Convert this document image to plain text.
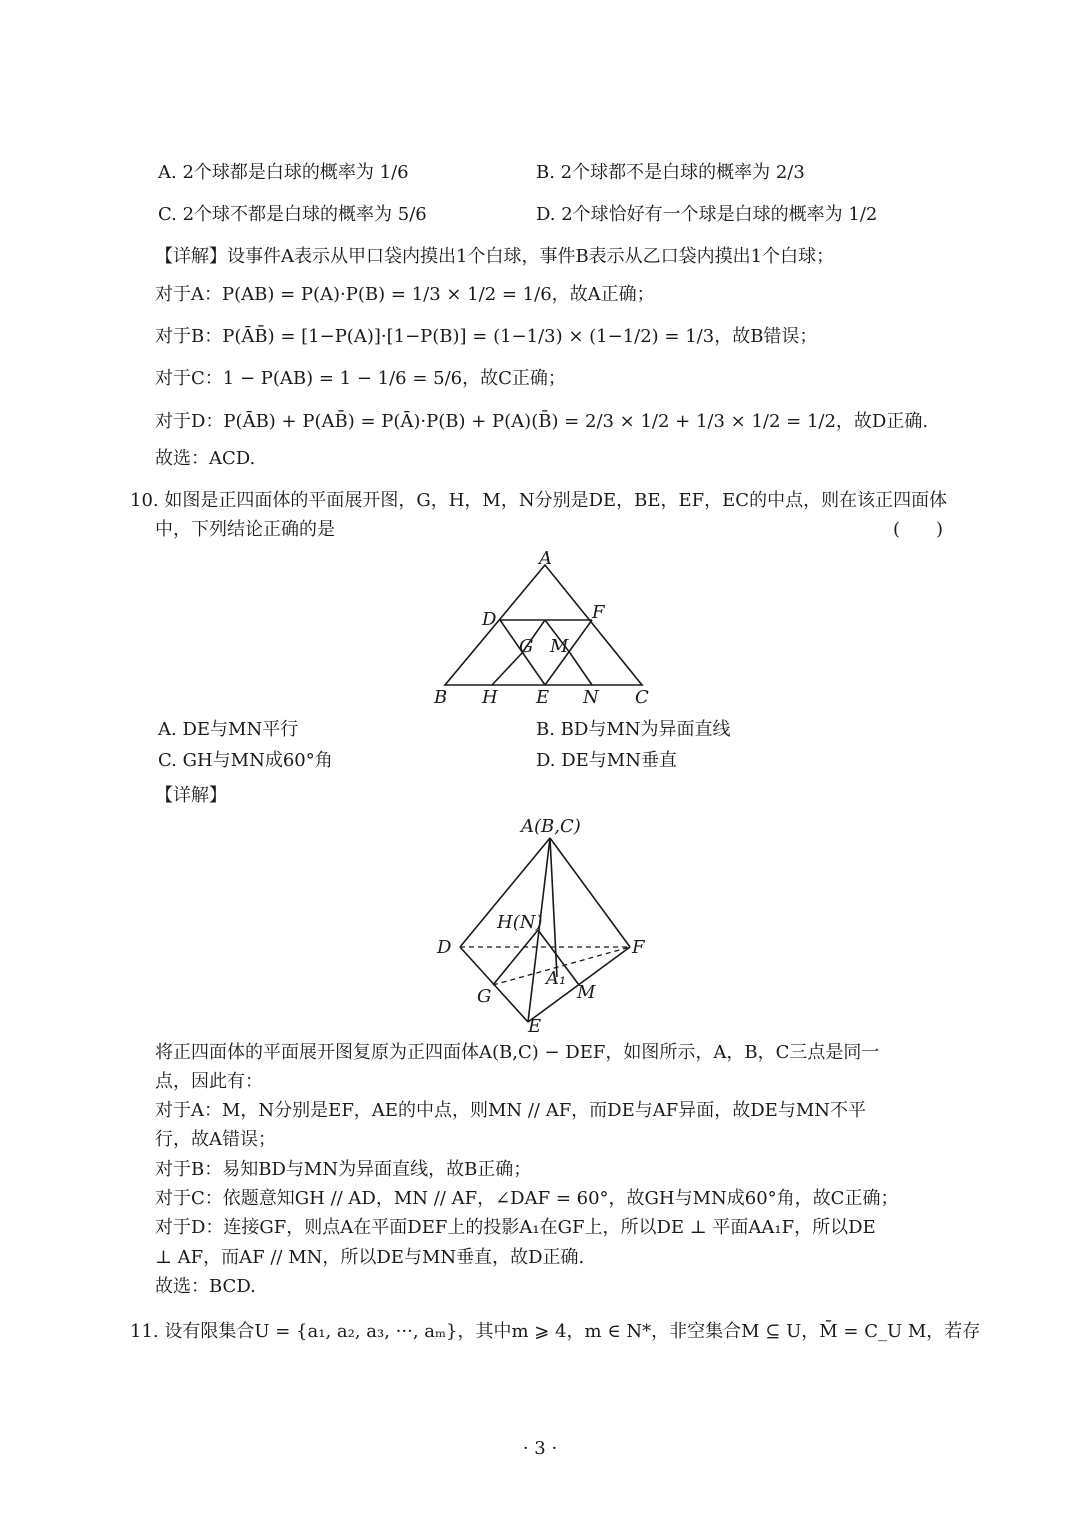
A. 2个球都是白球的概率为 1/6	B. 2个球都不是白球的概率为 2/3
C. 2个球不都是白球的概率为 5/6	D. 2个球恰好有一个球是白球的概率为 1/2
【详解】设事件A表示从甲口袋内摸出1个白球，事件B表示从乙口袋内摸出1个白球；
对于A：P(AB) = P(A)·P(B) = 1/3 × 1/2 = 1/6，故A正确；
对于B：P(ĀB̄) = [1−P(A)]·[1−P(B)] = (1−1/3) × (1−1/2) = 1/3，故B错误；
对于C：1 − P(AB) = 1 − 1/6 = 5/6，故C正确；
对于D：P(ĀB) + P(AB̄) = P(Ā)·P(B) + P(A)(B̄) = 2/3 × 1/2 + 1/3 × 1/2 = 1/2，故D正确.
故选：ACD.
10. 如图是正四面体的平面展开图，G，H，M，N分别是DE，BE，EF，EC的中点，则在该正四面体
中，下列结论正确的是	(　　)
A
D	F
G M
B H E N C
A. DE与MN平行	B. BD与MN为异面直线
C. GH与MN成60°角	D. DE与MN垂直
【详解】
A(B,C)
D	F
H(N)
A₁
G	M
E
将正四面体的平面展开图复原为正四面体A(B,C) − DEF，如图所示，A，B，C三点是同一
点，因此有：
对于A：M，N分别是EF，AE的中点，则MN // AF，而DE与AF异面，故DE与MN不平
行，故A错误；
对于B：易知BD与MN为异面直线，故B正确；
对于C：依题意知GH // AD，MN // AF，∠DAF = 60°，故GH与MN成60°角，故C正确；
对于D：连接GF，则点A在平面DEF上的投影A₁在GF上，所以DE ⊥ 平面AA₁F，所以DE
⊥ AF，而AF // MN，所以DE与MN垂直，故D正确.
故选：BCD.
11. 设有限集合U = {a₁, a₂, a₃, ···, aₘ}，其中m ⩾ 4，m ∈ N*，非空集合M ⊆ U，M̄ = C_U M，若存
· 3 ·
